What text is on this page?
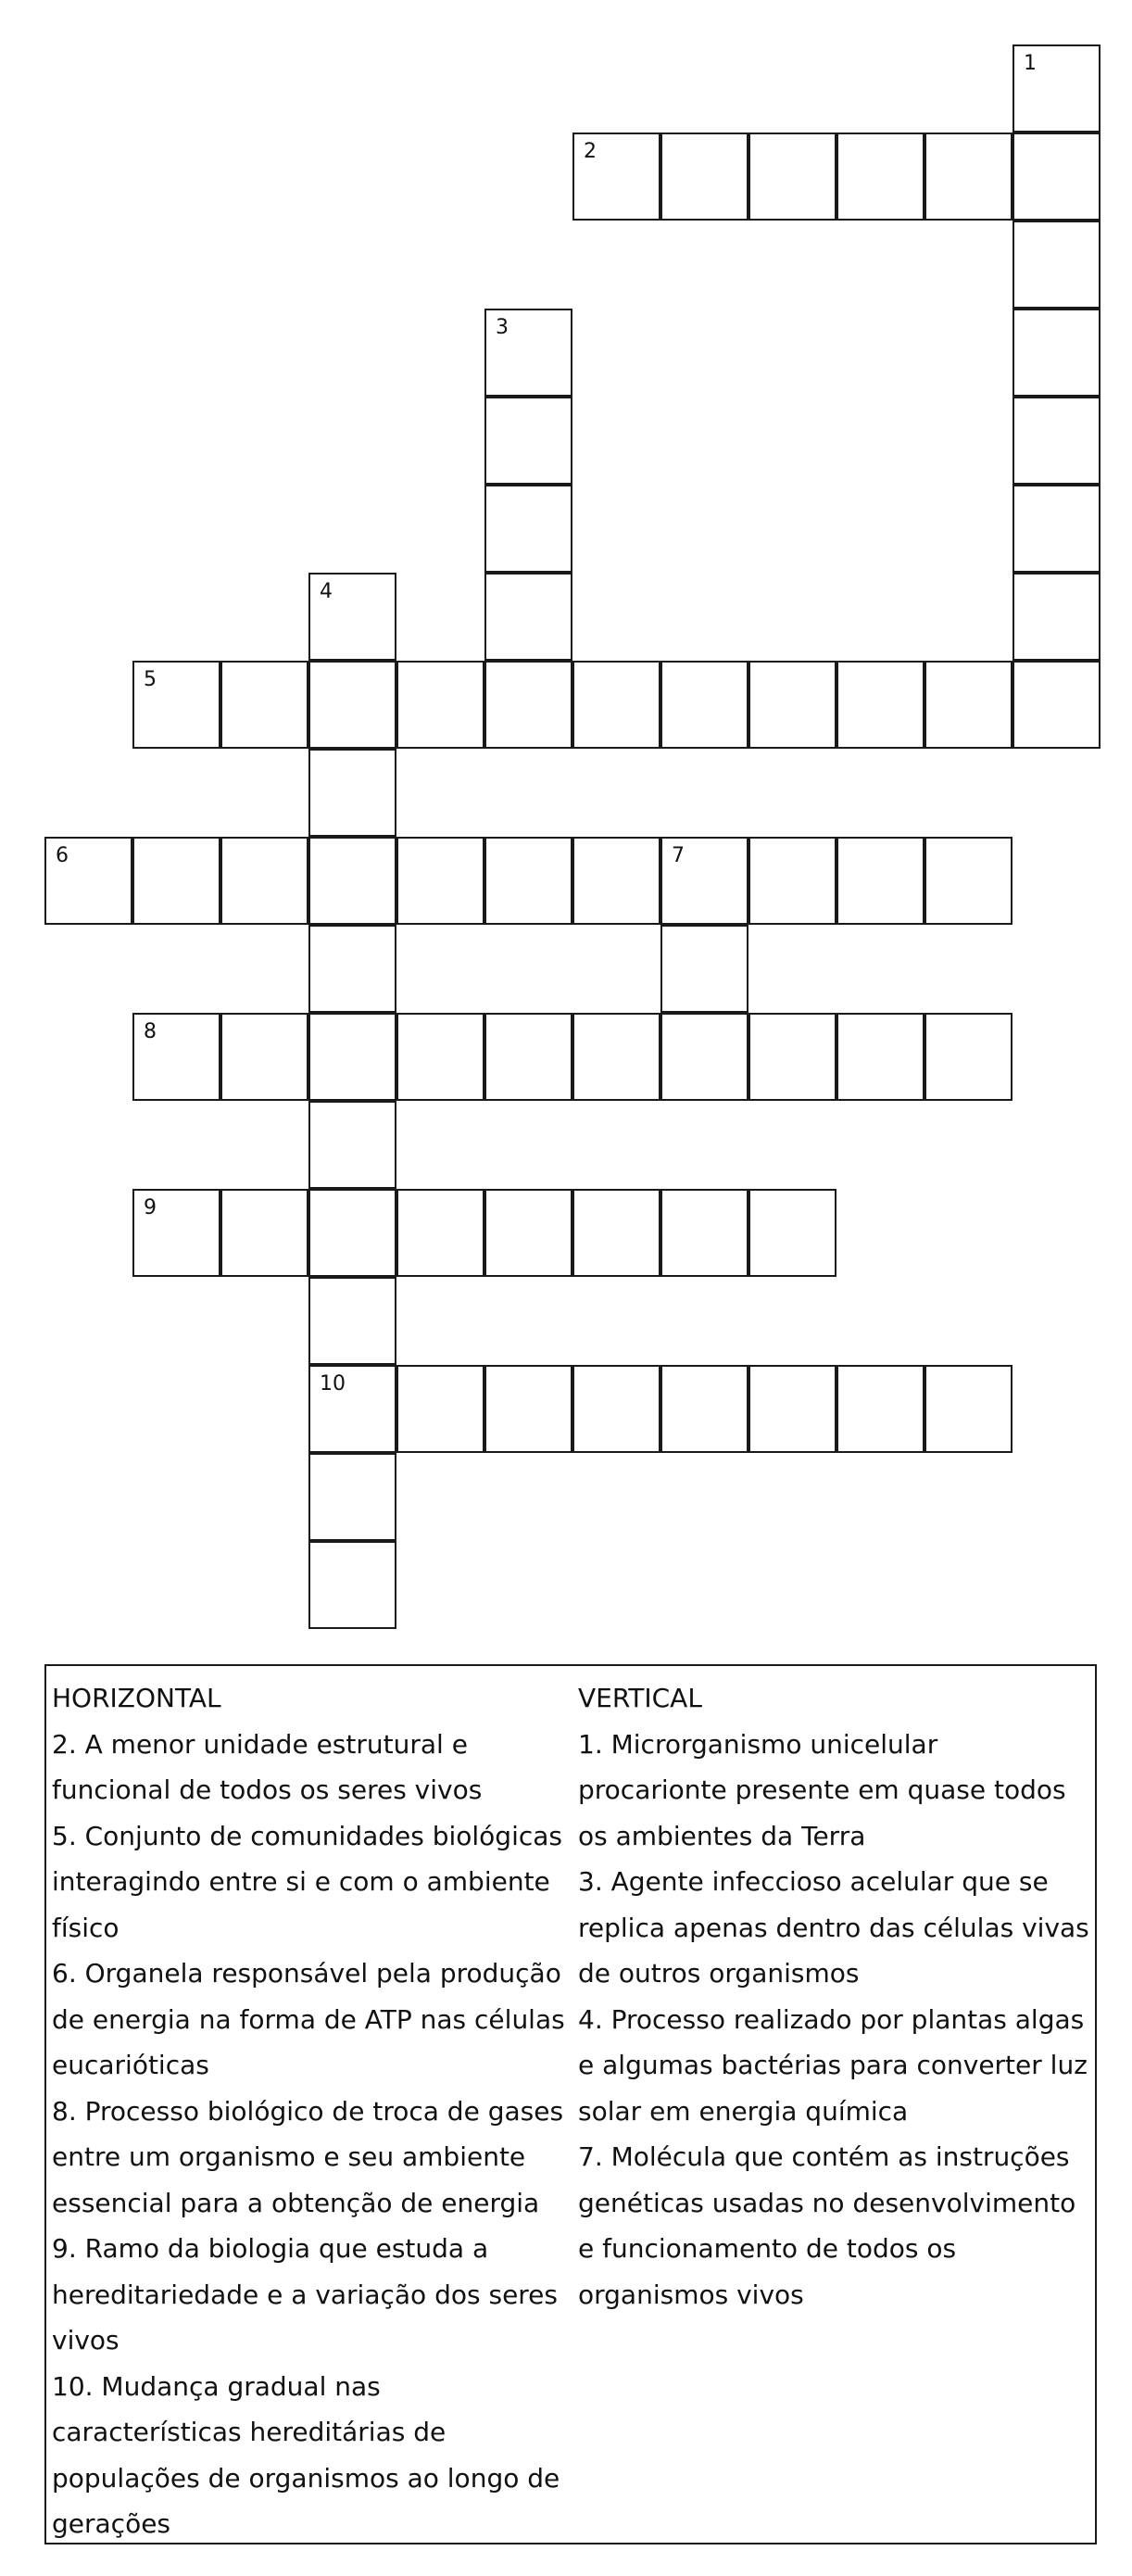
1
2
3
4
10
5
6	7
8
9

HORIZONTAL

2. A menor unidade estrutural e funcional de todos os seres vivos

5. Conjunto de comunidades biológicas interagindo entre si e com o ambiente físico

6. Organela responsável pela produção de energia na forma de ATP nas células eucarióticas

8. Processo biológico de troca de gases entre um organismo e seu ambiente essencial para a obtenção de energia

9. Ramo da biologia que estuda a hereditariedade e a variação dos seres vivos

10. Mudança gradual nas características hereditárias de populações de organismos ao longo de gerações

VERTICAL

1. Microrganismo unicelular procarionte presente em quase todos os ambientes da Terra

3. Agente infeccioso acelular que se replica apenas dentro das células vivas de outros organismos

4. Processo realizado por plantas algas e algumas bactérias para converter luz solar em energia química

7. Molécula que contém as instruções genéticas usadas no desenvolvimento e funcionamento de todos os organismos vivos
